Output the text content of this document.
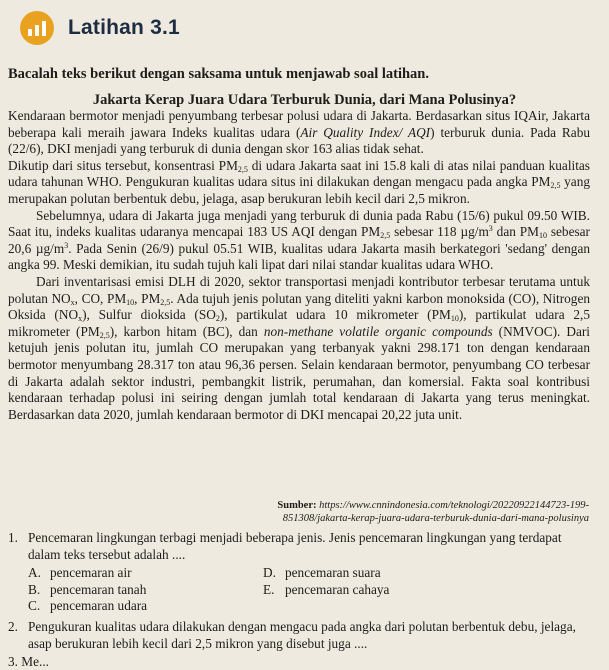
Latihan 3.1
Bacalah teks berikut dengan saksama untuk menjawab soal latihan.
Jakarta Kerap Juara Udara Terburuk Dunia, dari Mana Polusinya?

Kendaraan bermotor menjadi penyumbang terbesar polusi udara di Jakarta. Berdasarkan situs IQAir, Jakarta beberapa kali meraih jawara Indeks kualitas udara (Air Quality Index/ AQI) terburuk dunia. Pada Rabu (22/6), DKI menjadi yang terburuk di dunia dengan skor 163 alias tidak sehat.

Dikutip dari situs tersebut, konsentrasi $PM_{2,5}$ di udara Jakarta saat ini 15.8 kali di atas nilai panduan kualitas udara tahunan WHO. Pengukuran kualitas udara situs ini dilakukan dengan mengacu pada angka $PM_{2,5}$ yang merupakan polutan berbentuk debu, jelaga, asap berukuran lebih kecil dari 2,5 mikron.

Sebelumnya, udara di Jakarta juga menjadi yang terburuk di dunia pada Rabu (15/6) pukul 09.50 WIB. Saat itu, indeks kualitas udaranya mencapai 183 US AQI dengan $PM_{2,5}$ sebesar 118 $\mu g/m^3$ dan $PM_{10}$ sebesar 20,6 $\mu g/m^3$. Pada Senin (26/9) pukul 05.51 WIB, kualitas udara Jakarta masih berkategori 'sedang' dengan angka 99. Meski demikian, itu sudah tujuh kali lipat dari nilai standar kualitas udara WHO.

Dari inventarisasi emisi DLH di 2020, sektor transportasi menjadi kontributor terbesar terutama untuk polutan $NO_x$, CO, $PM_{10}$, $PM_{2,5}$. Ada tujuh jenis polutan yang diteliti yakni karbon monoksida (CO), Nitrogen Oksida $(NO_x)$, Sulfur dioksida $(SO_2)$, partikulat udara 10 mikrometer $(PM_{10})$, partikulat udara 2,5 mikrometer $(PM_{2,5})$, karbon hitam (BC), dan non-methane volatile organic compounds (NMVOC). Dari ketujuh jenis polutan itu, jumlah CO merupakan yang terbanyak yakni 298.171 ton dengan kendaraan bermotor menyumbang 28.317 ton atau 96,36 persen. Selain kendaraan bermotor, penyumbang CO terbesar di Jakarta adalah sektor industri, pembangkit listrik, perumahan, dan komersial. Fakta soal kontribusi kendaraan terhadap polusi ini seiring dengan jumlah total kendaraan di Jakarta yang terus meningkat. Berdasarkan data 2020, jumlah kendaraan bermotor di DKI mencapai 20,22 juta unit.

Sumber: https://www.cnnindonesia.com/teknologi/20220922144723-199-851308/jakarta-kerap-juara-udara-terburuk-dunia-dari-mana-polusinya
1. Pencemaran lingkungan terbagi menjadi beberapa jenis. Jenis pencemaran lingkungan yang terdapat dalam teks tersebut adalah ....
A. pencemaran air	D. pencemaran suara
B. pencemaran tanah	E. pencemaran cahaya
C. pencemaran udara
2. Pengukuran kualitas udara dilakukan dengan mengacu pada angka dari polutan berbentuk debu, jelaga, asap berukuran lebih kecil dari 2,5 mikron yang disebut juga ....
3. Me...
